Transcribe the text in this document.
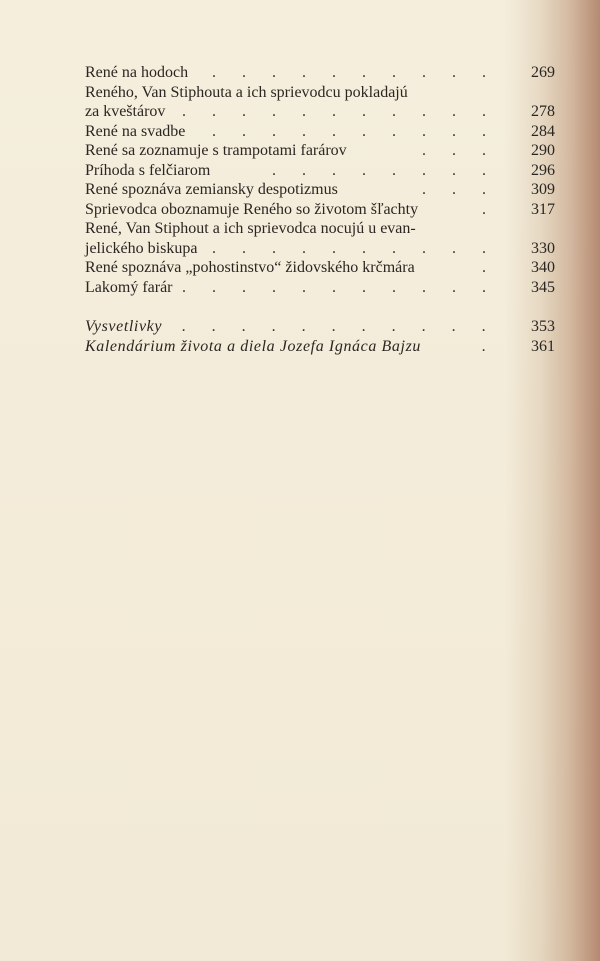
René na hodoch . . . . . . . . . .	269
Reného, Van Stiphouta a ich sprievodcu pokladajú
za kveštárov . . . . . . . . . . .	278
René na svadbe . . . . . . . . . .	284
René sa zoznamuje s trampotami farárov	. . .	290
Príhoda s felčiarom	. . . . . . . .	296
René spoznáva zemiansky despotizmus	. . .	309
Sprievodca oboznamuje Reného so životom šľachty	.	317
René, Van Stiphout a ich sprievodca nocujú u evan-
jelického biskupa . . . . . . . . . .	330
René spoznáva „pohostinstvo“ židovského krčmára	.	340
Lakomý farár . . . . . . . . . . .	345
Vysvetlivky . . . . . . . . . . .	353
Kalendárium života a diela Jozefa Ignáca Bajzu	.	361
